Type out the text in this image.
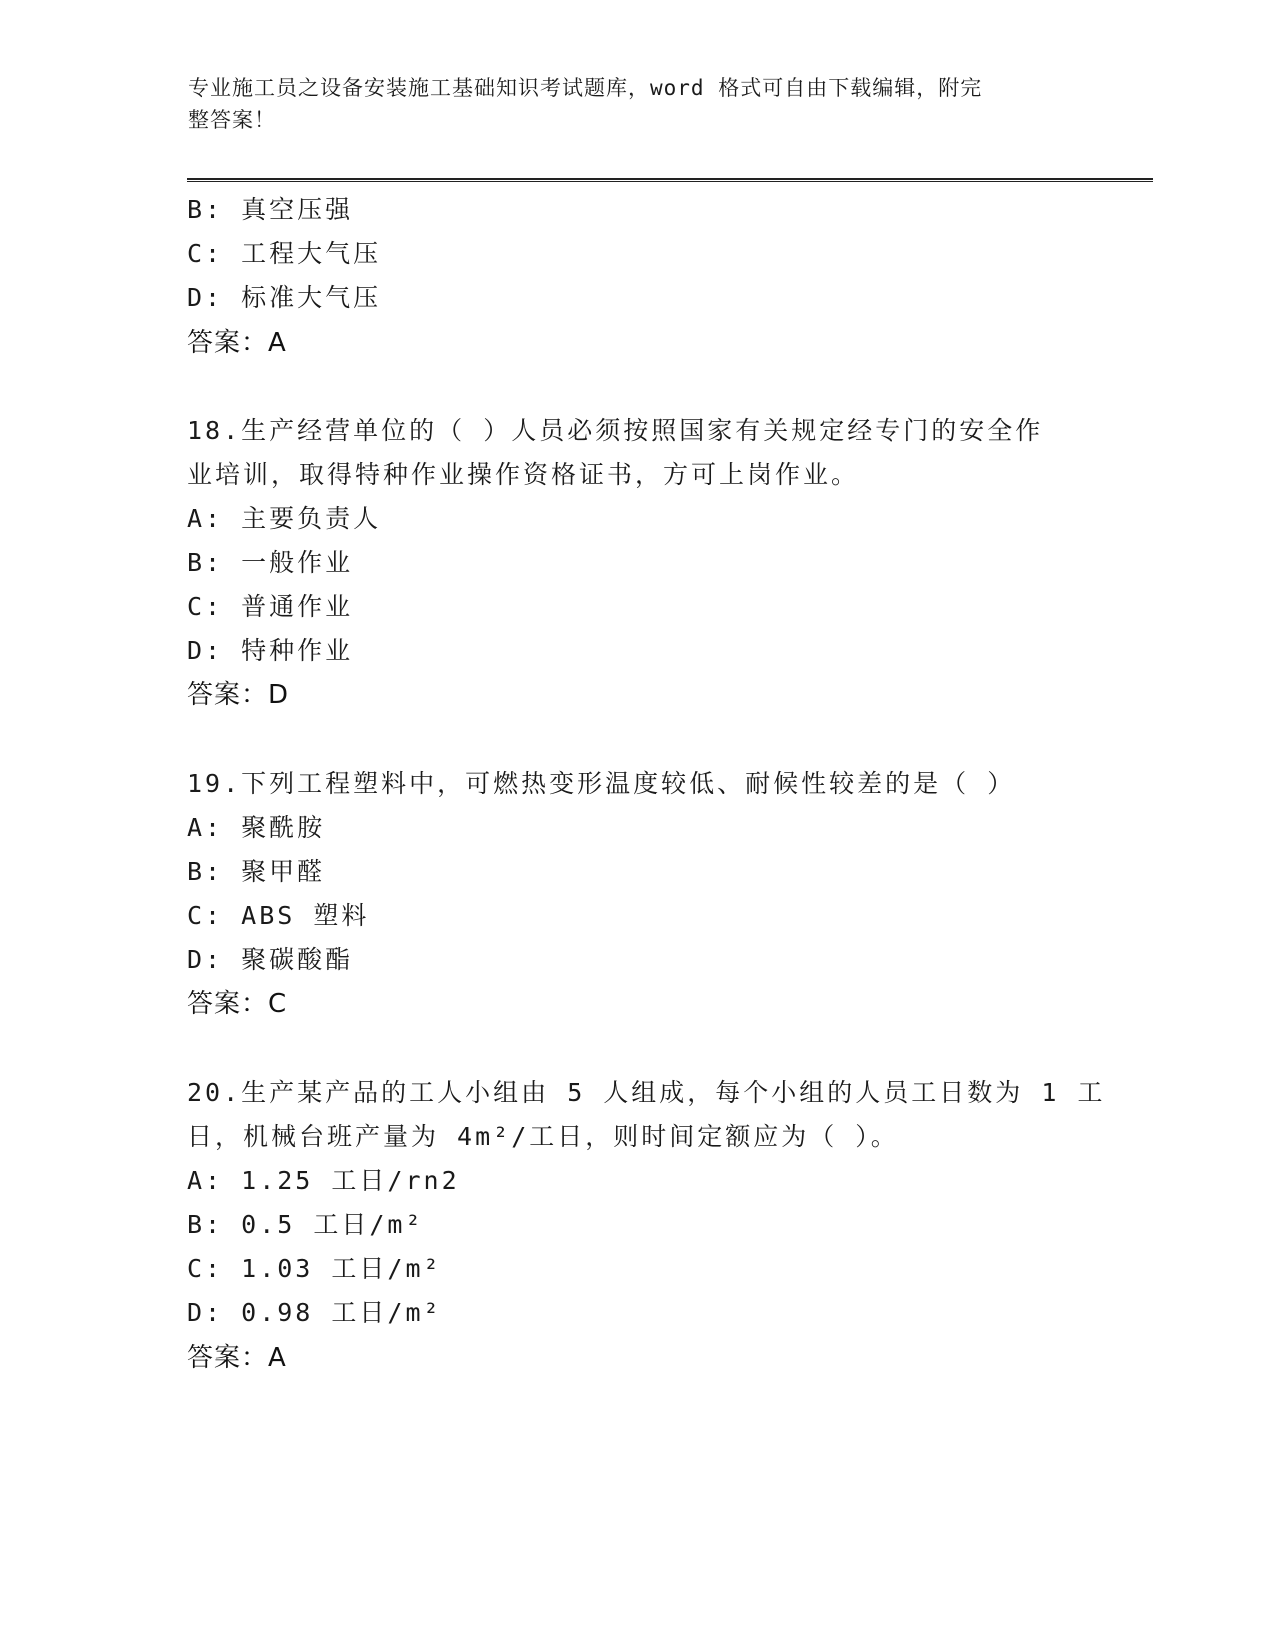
专业施工员之设备安装施工基础知识考试题库，word 格式可自由下载编辑，附完
整答案！
B: 真空压强
C: 工程大气压
D: 标准大气压
答案：A
18.生产经营单位的（ ）人员必须按照国家有关规定经专门的安全作
业培训，取得特种作业操作资格证书，方可上岗作业。
A: 主要负责人
B: 一般作业
C: 普通作业
D: 特种作业
答案：D
19.下列工程塑料中，可燃热变形温度较低、耐候性较差的是（ ）
A: 聚酰胺
B: 聚甲醛
C: ABS 塑料
D: 聚碳酸酯
答案：C
20.生产某产品的工人小组由 5 人组成，每个小组的人员工日数为 1 工
日，机械台班产量为 4m²/工日，则时间定额应为（ ）。
A: 1.25 工日/rn2
B: 0.5 工日/m²
C: 1.03 工日/m²
D: 0.98 工日/m²
答案：A
